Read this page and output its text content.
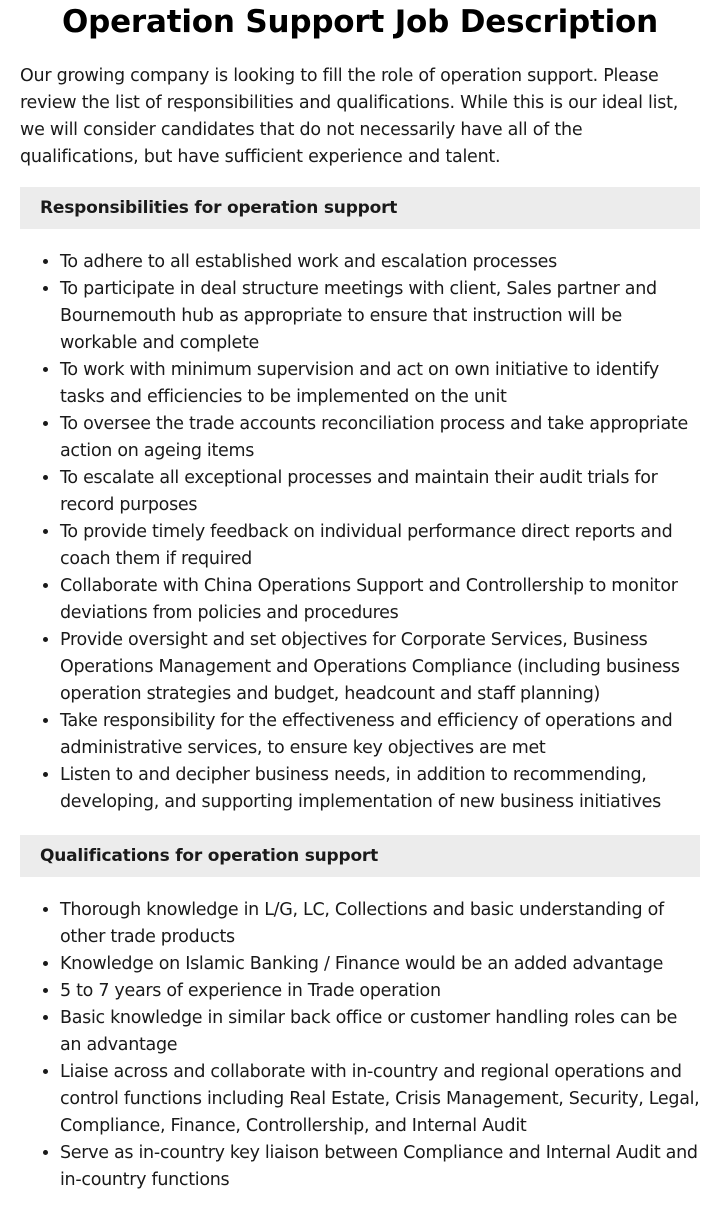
Operation Support Job Description

Our growing company is looking to fill the role of operation support. Please review the list of responsibilities and qualifications. While this is our ideal list, we will consider candidates that do not necessarily have all of the qualifications, but have sufficient experience and talent.

Responsibilities for operation support
• To adhere to all established work and escalation processes
• To participate in deal structure meetings with client, Sales partner and Bournemouth hub as appropriate to ensure that instruction will be workable and complete
• To work with minimum supervision and act on own initiative to identify tasks and efficiencies to be implemented on the unit
• To oversee the trade accounts reconciliation process and take appropriate action on ageing items
• To escalate all exceptional processes and maintain their audit trials for record purposes
• To provide timely feedback on individual performance direct reports and coach them if required
• Collaborate with China Operations Support and Controllership to monitor deviations from policies and procedures
• Provide oversight and set objectives for Corporate Services, Business Operations Management and Operations Compliance (including business operation strategies and budget, headcount and staff planning)
• Take responsibility for the effectiveness and efficiency of operations and administrative services, to ensure key objectives are met
• Listen to and decipher business needs, in addition to recommending, developing, and supporting implementation of new business initiatives
Qualifications for operation support
• Thorough knowledge in L/G, LC, Collections and basic understanding of other trade products
• Knowledge on Islamic Banking / Finance would be an added advantage
• 5 to 7 years of experience in Trade operation
• Basic knowledge in similar back office or customer handling roles can be an advantage
• Liaise across and collaborate with in-country and regional operations and control functions including Real Estate, Crisis Management, Security, Legal, Compliance, Finance, Controllership, and Internal Audit
• Serve as in-country key liaison between Compliance and Internal Audit and in-country functions
